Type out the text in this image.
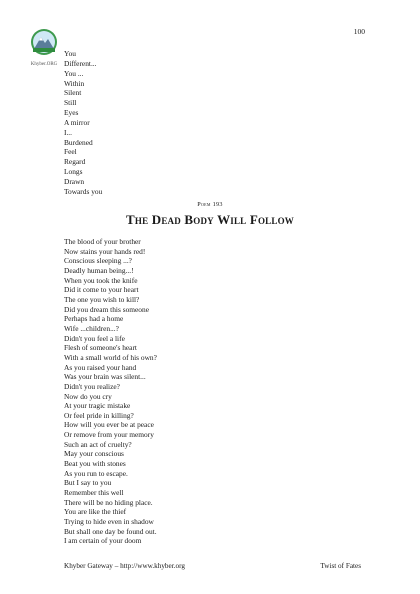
100
Khyber.ORG
You
Different...
You ...
Within
Silent
Still
Eyes
A mirror
I...
Burdened
Feel
Regard
Longs
Drawn
Towards you
Poem 193
The Dead Body Will Follow
The blood of your brother
Now stains your hands red!
Conscious sleeping ...?
Deadly human being...!
When you took the knife
Did it come to your heart
The one you wish to kill?
Did you dream this someone
Perhaps had a home
Wife ...children...?
Didn't you feel a life
Flesh of someone's heart
With a small world of his own?
As you raised your hand
Was your brain was silent...
Didn't you realize?
Now do you cry
At your tragic mistake
Or feel pride in killing?
How will you ever be at peace
Or remove from your memory
Such an act of cruelty?
May your conscious
Beat you with stones
As you run to escape.
But I say to you
Remember this well
There will be no hiding place.
You are like the thief
Trying to hide even in shadow
But shall one day be found out.
I am certain of your doom
Khyber Gateway – http://www.khyber.org	Twist of Fates
